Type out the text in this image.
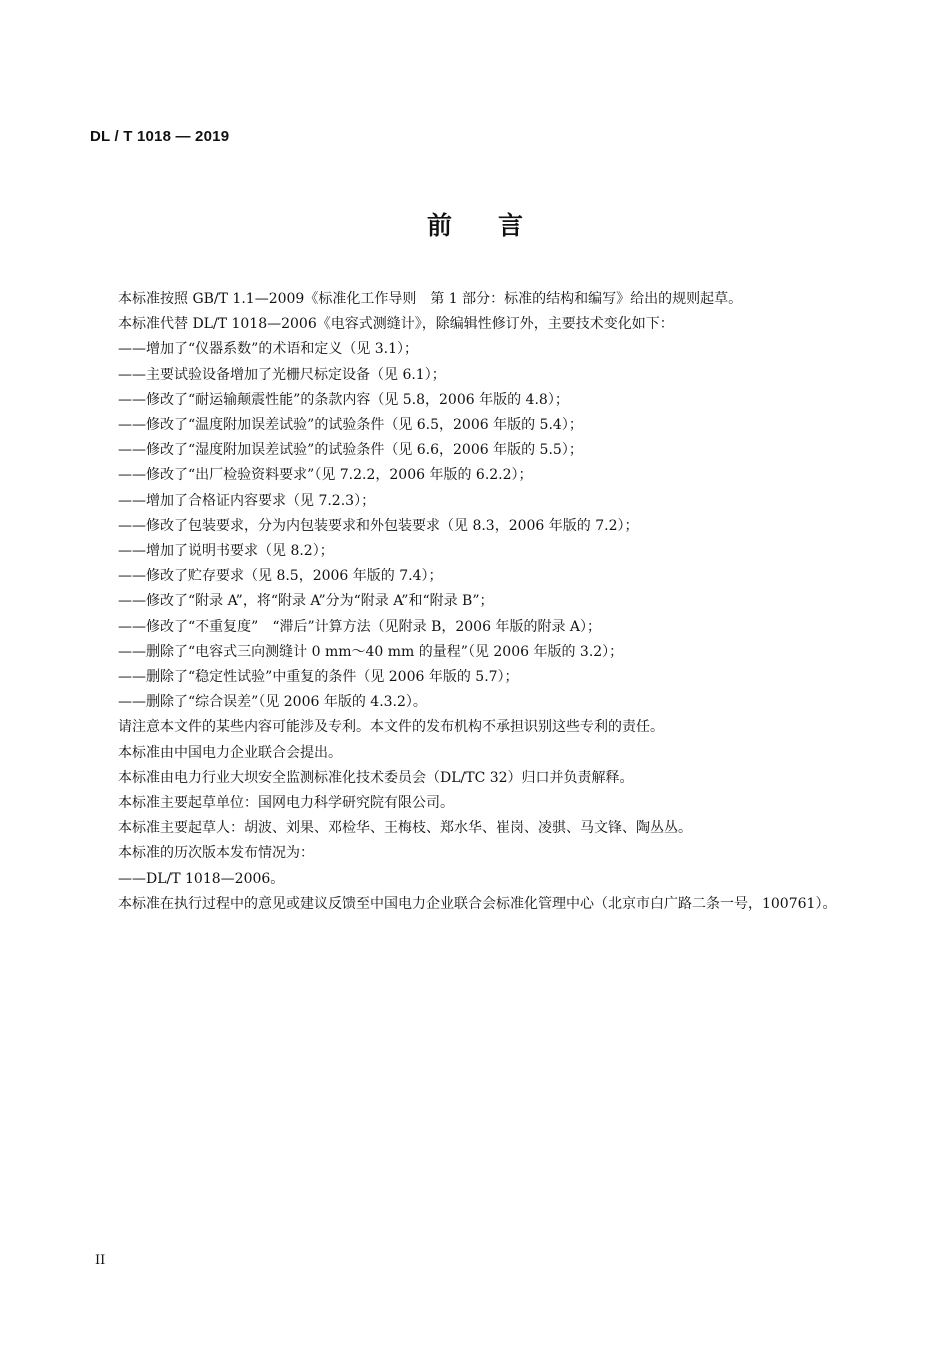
DL / T 1018 — 2019
前言

本标准按照 GB/T 1.1—2009《标准化工作导则　第 1 部分：标准的结构和编写》给出的规则起草。

本标准代替 DL/T 1018—2006《电容式测缝计》，除编辑性修订外，主要技术变化如下：

——增加了“仪器系数”的术语和定义（见 3.1）；

——主要试验设备增加了光栅尺标定设备（见 6.1）；

——修改了“耐运输颠震性能”的条款内容（见 5.8，2006 年版的 4.8）；

——修改了“温度附加误差试验”的试验条件（见 6.5，2006 年版的 5.4）；

——修改了“湿度附加误差试验”的试验条件（见 6.6，2006 年版的 5.5）；

——修改了“出厂检验资料要求”（见 7.2.2，2006 年版的 6.2.2）；

——增加了合格证内容要求（见 7.2.3）；

——修改了包装要求，分为内包装要求和外包装要求（见 8.3，2006 年版的 7.2）；

——增加了说明书要求（见 8.2）；

——修改了贮存要求（见 8.5，2006 年版的 7.4）；

——修改了“附录 A”，将“附录 A”分为“附录 A”和“附录 B”；

——修改了“不重复度”　“滞后”计算方法（见附录 B，2006 年版的附录 A）；

——删除了“电容式三向测缝计 0 mm～40 mm 的量程”（见 2006 年版的 3.2）；

——删除了“稳定性试验”中重复的条件（见 2006 年版的 5.7）；

——删除了“综合误差”（见 2006 年版的 4.3.2）。

请注意本文件的某些内容可能涉及专利。本文件的发布机构不承担识别这些专利的责任。

本标准由中国电力企业联合会提出。

本标准由电力行业大坝安全监测标准化技术委员会（DL/TC 32）归口并负责解释。

本标准主要起草单位：国网电力科学研究院有限公司。

本标准主要起草人：胡波、刘果、邓检华、王梅枝、郑水华、崔岗、凌骐、马文锋、陶丛丛。

本标准的历次版本发布情况为：

——DL/T 1018—2006。

本标准在执行过程中的意见或建议反馈至中国电力企业联合会标准化管理中心（北京市白广路二条一号，100761）。

II
